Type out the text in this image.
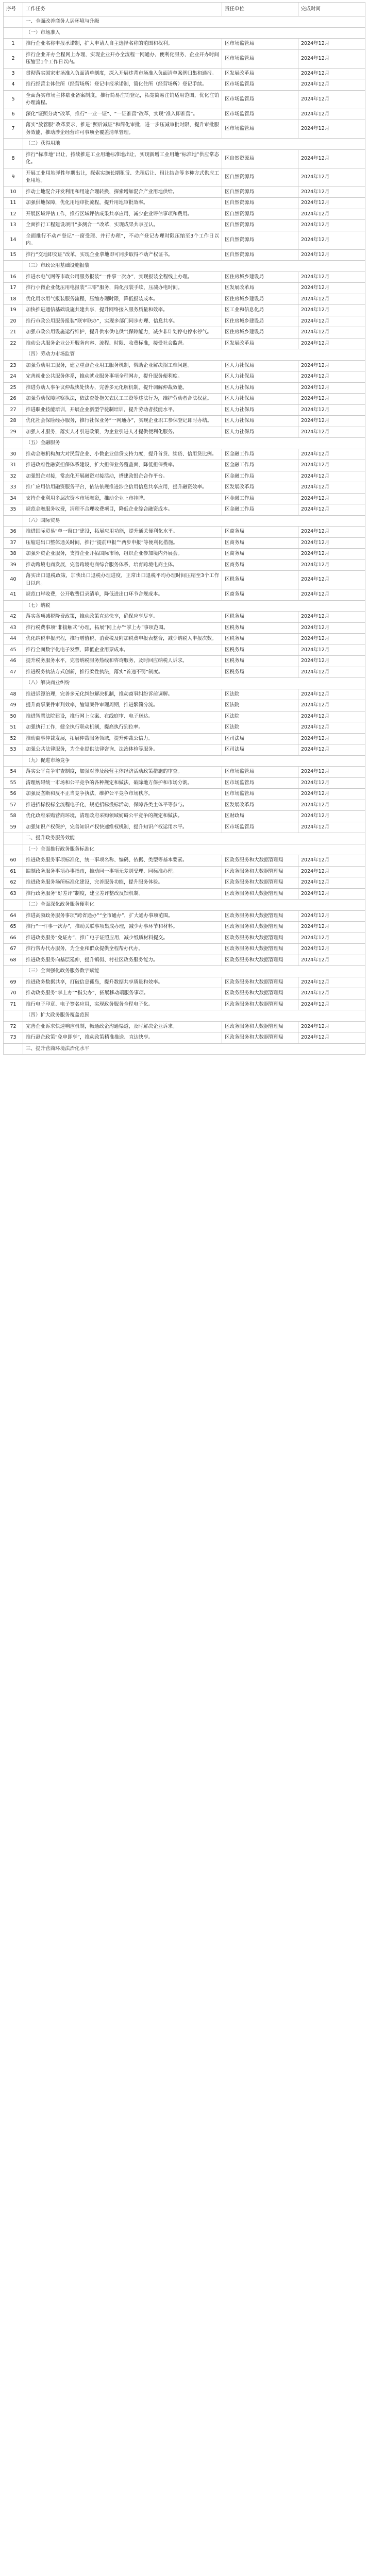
序号	工作任务	责任单位	完成时间
	一、全面改善商务人居环境与升级		
	（一）市场准入		
1	推行企业名称申报承诺制，扩大申请人自主选择名称的范围和权利。	区市场监管局	2024年12月
2	推行企业开办全程网上办理，实现企业开办全流程一网通办，便利化服务，企业开办时间压缩至1个工作日以内。	区市场监管局	2024年12月
3	贯彻落实国家市场准入负面清单制度，深入开展违背市场准入负面清单案例归集和通报。	区发展改革局	2024年12月
4	推行经营主体住所（经营场所）登记申报承诺制，简化住所（经营场所）登记手续。	区市场监管局	2024年12月
5	全面落实市场主体歇业备案制度，推行简易注销登记，拓宽简易注销适用范围，优化注销办理流程。	区市场监管局	2024年12月
6	深化“证照分离”改革，推行“一业一证”、“一证准营”改革，实现“准入即准营”。	区市场监管局	2024年12月
7	落实“放管服”改革要求，推进“照后减证”和简化审批，进一步压减审批时限，提升审批服务效能，推动涉企经营许可事项全覆盖清单管理。	区市场监管局	2024年12月
	（二）获得用地		
8	推行“标准地”出让，持续推进工业用地标准地出让，实现新增工业用地“标准地”供应常态化。	区自然资源局	2024年12月
9	开展工业用地弹性年期出让，探索实施长期租赁、先租后让、租让结合等多种方式供应工业用地。	区自然资源局	2024年12月
10	推动土地混合开发利用和用途合理转换，探索增加混合产业用地供给。	区自然资源局	2024年12月
11	加强供地保障，优化用地审批流程，提升用地审批效率。	区自然资源局	2024年12月
12	开展区域评估工作，推行区域评估成果共享应用，减少企业评估事项和费用。	区自然资源局	2024年12月
13	全面推行工程建设项目“多测合一”改革，实现成果共享互认。	区自然资源局	2024年12月
14	全面推行不动产登记“一窗受理、并行办理”，不动产登记办理时限压缩至3个工作日以内。	区自然资源局	2024年12月
15	推行“交地即交证”改革，实现企业拿地即可同步取得不动产权证书。	区自然资源局	2024年12月
	（三）市政公用基础设施报装		
16	推进水电气网等市政公用服务报装“一件事一次办”，实现报装全程线上办理。	区住房城乡建设局	2024年12月
17	推行小微企业低压用电报装“三零”服务，简化报装手续，压减办电时间。	区发展改革局	2024年12月
18	优化用水用气报装服务流程，压缩办理时限，降低报装成本。	区住房城乡建设局	2024年12月
19	加快推进通信基础设施共建共享，提升网络接入服务质量和效率。	区工业和信息化局	2024年12月
20	推行市政公用服务报装“联审联办”，实现多部门同步办理、信息共享。	区住房城乡建设局	2024年12月
21	加强市政公用设施运行维护，提升供水供电供气保障能力，减少非计划停电停水停气。	区住房城乡建设局	2024年12月
22	推动公共服务企业公开服务内容、流程、时限、收费标准，接受社会监督。	区发展改革局	2024年12月
	（四）劳动力市场监管		
23	加强劳动用工服务，建立重点企业用工服务机制，帮助企业解决招工难问题。	区人力社保局	2024年12月
24	完善就业公共服务体系，推动就业服务事项全程网办，提升服务便利度。	区人力社保局	2024年12月
25	推进劳动人事争议仲裁快处快办，完善多元化解机制，提升调解仲裁效能。	区人力社保局	2024年12月
26	加强劳动保障监察执法，依法查处拖欠农民工工资等违法行为，维护劳动者合法权益。	区人力社保局	2024年12月
27	推进职业技能培训，开展企业新型学徒制培训，提升劳动者技能水平。	区人力社保局	2024年12月
28	优化社会保险经办服务，推行社保业务“一网通办”，实现企业职工参保登记即时办结。	区人力社保局	2024年12月
29	加强人才服务，落实人才引进政策，为企业引进人才提供便利化服务。	区人力社保局	2024年12月
	（五）金融服务		
30	推动金融机构加大对民营企业、小微企业信贷支持力度，提升首贷、续贷、信用贷比例。	区金融工作局	2024年12月
31	推进政府性融资担保体系建设，扩大担保业务覆盖面，降低担保费率。	区金融工作局	2024年12月
32	加强银企对接，常态化开展融资对接活动，搭建政银企合作平台。	区金融工作局	2024年12月
33	推广应用信用融资服务平台，依法依规推进涉企信用信息共享应用，提升融资效率。	区发展改革局	2024年12月
34	支持企业利用多层次资本市场融资，推动企业上市挂牌。	区金融工作局	2024年12月
35	规范金融服务收费，清理不合理收费项目，降低企业综合融资成本。	区金融工作局	2024年12月
	（六）国际贸易		
36	推进国际贸易“单一窗口”建设，拓展应用功能，提升通关便利化水平。	区商务局	2024年12月
37	压缩进出口整体通关时间，推行“提前申报”“两步申报”等便利化措施。	区商务局	2024年12月
38	加强外贸企业服务，支持企业开拓国际市场，组织企业参加境内外展会。	区商务局	2024年12月
39	推动跨境电商发展，完善跨境电商综合服务体系，培育跨境电商主体。	区商务局	2024年12月
40	落实出口退税政策，加快出口退税办理进度，正常出口退税平均办理时间压缩至3个工作日以内。	区税务局	2024年12月
41	规范口岸收费，公开收费目录清单，降低进出口环节合规成本。	区商务局	2024年12月
	（七）纳税		
42	落实各项减税降费政策，推动政策直达快享，确保应享尽享。	区税务局	2024年12月
43	推行税费事项“非接触式”办理，拓展“网上办”“掌上办”事项范围。	区税务局	2024年12月
44	优化纳税申报流程，推行增值税、消费税及附加税费申报表整合，减少纳税人申报次数。	区税务局	2024年12月
45	推行全面数字化电子发票，降低企业用票成本。	区税务局	2024年12月
46	提升税务服务水平，完善纳税服务热线和咨询服务，及时回应纳税人诉求。	区税务局	2024年12月
47	推进税务执法方式创新，推行柔性执法，落实“首违不罚”制度。	区税务局	2024年12月
	（八）解决商业纠纷		
48	推进诉源治理，完善多元化纠纷解决机制，推动商事纠纷诉前调解。	区法院	2024年12月
49	提升商事案件审判效率，缩短案件审理周期，推进繁简分流。	区法院	2024年12月
50	推进智慧法院建设，推行网上立案、在线庭审、电子送达。	区法院	2024年12月
51	加强执行工作，健全执行联动机制，提高执行到位率。	区法院	2024年12月
52	推动商事仲裁发展，拓展仲裁服务领域，提升仲裁公信力。	区司法局	2024年12月
53	加强公共法律服务，为企业提供法律咨询、法治体检等服务。	区司法局	2024年12月
	（九）促进市场竞争		
54	落实公平竞争审查制度，加强对涉及经营主体经济活动政策措施的审查。	区市场监管局	2024年12月
55	清理妨碍统一市场和公平竞争的各种规定和做法，破除地方保护和市场分割。	区市场监管局	2024年12月
56	加强反垄断和反不正当竞争执法，维护公平竞争市场秩序。	区市场监管局	2024年12月
57	推进招标投标全流程电子化，规范招标投标活动，保障各类主体平等参与。	区发展改革局	2024年12月
58	优化政府采购营商环境，清理政府采购领域妨碍公平竞争的规定和做法。	区财政局	2024年12月
59	加强知识产权保护，完善知识产权快速维权机制，提升知识产权运用水平。	区市场监管局	2024年12月
	二、提升政务服务效能		
	（一）全面推行政务服务标准化		
60	推进政务服务事项标准化，统一事项名称、编码、依据、类型等基本要素。	区政务服务和大数据管理局	2024年12月
61	编制政务服务事项办事指南，推动同一事项无差别受理、同标准办理。	区政务服务和大数据管理局	2024年12月
62	推进政务服务场所标准化建设，完善服务功能，提升服务体验。	区政务服务和大数据管理局	2024年12月
63	推行政务服务“好差评”制度，建立差评整改反馈机制。	区政务服务和大数据管理局	2024年12月
	（二）全面深化政务服务便利化		
64	推进高频政务服务事项“跨省通办”“全市通办”，扩大通办事项范围。	区政务服务和大数据管理局	2024年12月
65	推行“一件事一次办”，推动关联事项集成办理，减少办事环节和材料。	区政务服务和大数据管理局	2024年12月
66	推进政务服务“免证办”，推广电子证照应用，减少纸质材料提交。	区政务服务和大数据管理局	2024年12月
67	推行帮办代办服务，为企业和群众提供全程帮办代办。	区政务服务和大数据管理局	2024年12月
68	推进政务服务向基层延伸，提升镇街、村社区政务服务能力。	区政务服务和大数据管理局	2024年12月
	（三）全面强化政务服务数字赋能		
69	推进政务数据共享，打破信息孤岛，提升数据共享质量和效率。	区政务服务和大数据管理局	2024年12月
70	推动政务服务“掌上办”“指尖办”，拓展移动端服务事项。	区政务服务和大数据管理局	2024年12月
71	推行电子印章、电子签名应用，实现政务服务全程电子化。	区政务服务和大数据管理局	2024年12月
	（四）扩大政务服务覆盖范围		
72	完善企业诉求快速响应机制，畅通政企沟通渠道，及时解决企业诉求。	区政务服务和大数据管理局	2024年12月
73	推行惠企政策“免申即享”，推动政策精准推送、直达快享。	区政务服务和大数据管理局	2024年12月
	三、提升营商环境法治化水平		
